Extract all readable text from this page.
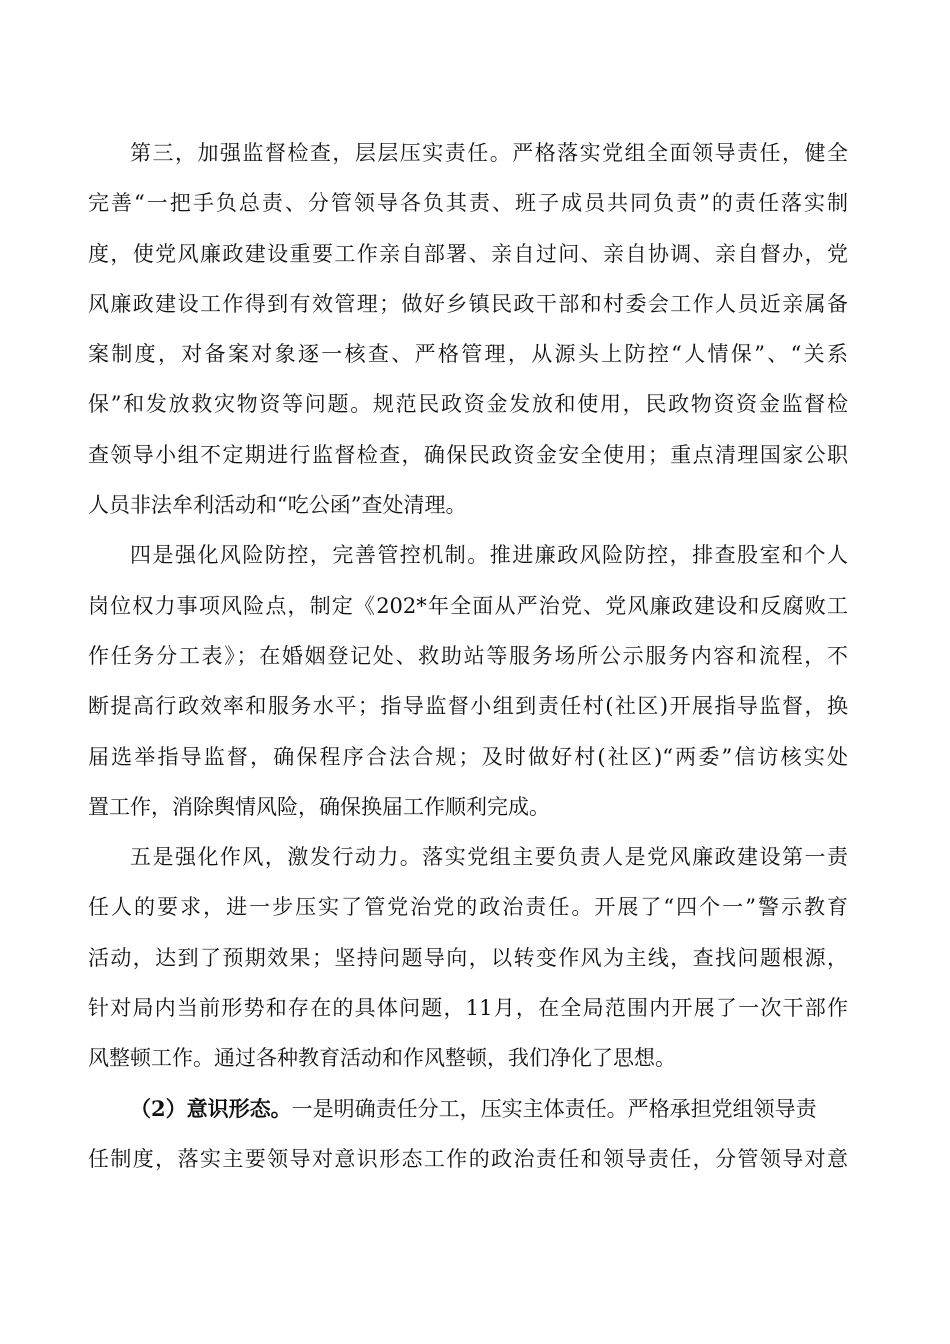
第三，加强监督检查，层层压实责任。严格落实党组全面领导责任，健全
完善“一把手负总责、分管领导各负其责、班子成员共同负责”的责任落实制
度，使党风廉政建设重要工作亲自部署、亲自过问、亲自协调、亲自督办，党
风廉政建设工作得到有效管理；做好乡镇民政干部和村委会工作人员近亲属备
案制度，对备案对象逐一核查、严格管理，从源头上防控“人情保”、“关系
保”和发放救灾物资等问题。规范民政资金发放和使用，民政物资资金监督检
查领导小组不定期进行监督检查，确保民政资金安全使用；重点清理国家公职
人员非法牟利活动和“吃公函”查处清理。
四是强化风险防控，完善管控机制。推进廉政风险防控，排查股室和个人
岗位权力事项风险点，制定《202*年全面从严治党、党风廉政建设和反腐败工
作任务分工表》；在婚姻登记处、救助站等服务场所公示服务内容和流程，不
断提高行政效率和服务水平；指导监督小组到责任村(社区)开展指导监督，换
届选举指导监督，确保程序合法合规；及时做好村(社区)“两委”信访核实处
置工作，消除舆情风险，确保换届工作顺利完成。
五是强化作风，激发行动力。落实党组主要负责人是党风廉政建设第一责
任人的要求，进一步压实了管党治党的政治责任。开展了“四个一”警示教育
活动，达到了预期效果；坚持问题导向，以转变作风为主线，查找问题根源，
针对局内当前形势和存在的具体问题，11月，在全局范围内开展了一次干部作
风整顿工作。通过各种教育活动和作风整顿，我们净化了思想。
（2）意识形态。一是明确责任分工，压实主体责任。严格承担党组领导责
任制度，落实主要领导对意识形态工作的政治责任和领导责任，分管领导对意
